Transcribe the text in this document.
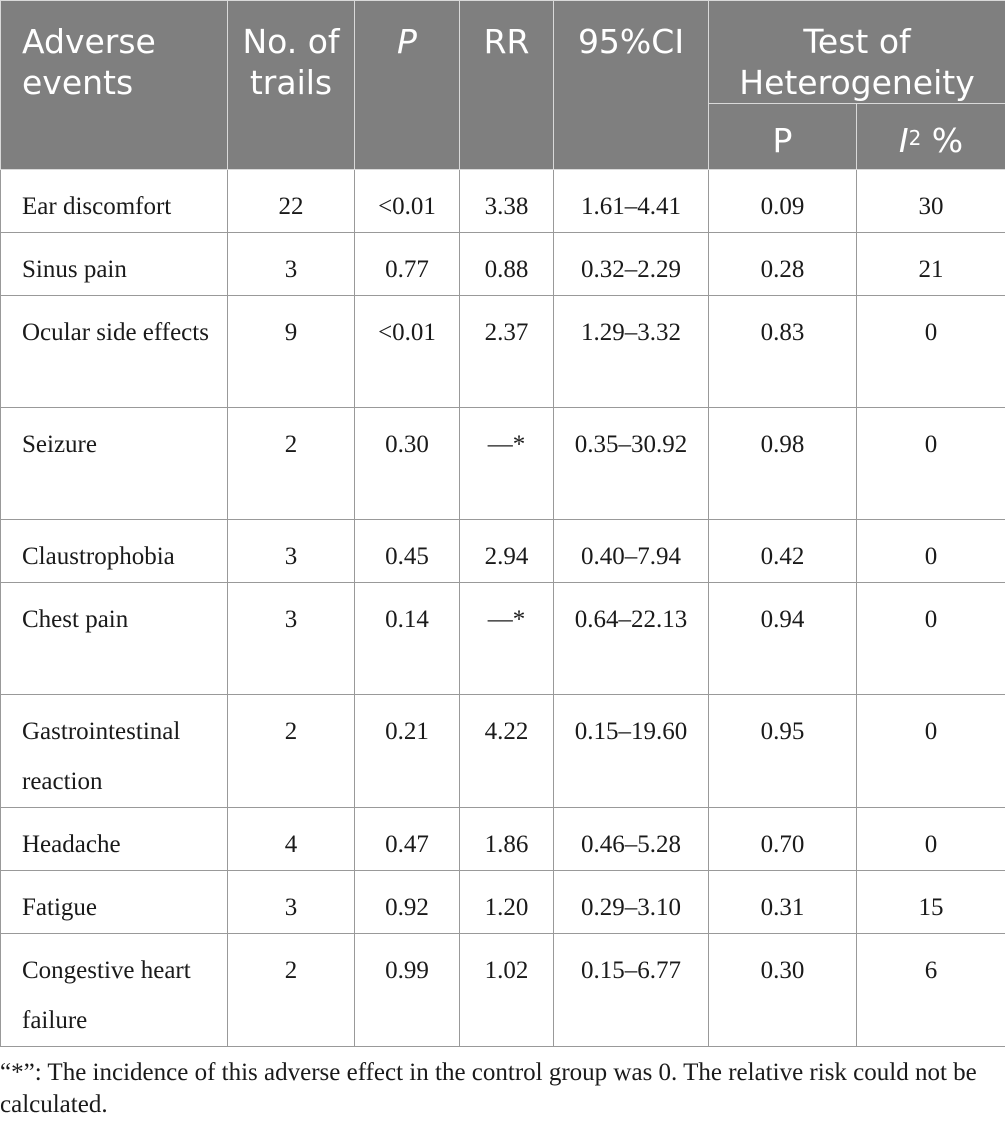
Adverse events	No. of trails	P	RR	95%CI	Test of Heterogeneity	
					P	$I^2$ %
Ear discomfort	22	<0.01	3.38	1.61–4.41	0.09	30
Sinus pain	3	0.77	0.88	0.32–2.29	0.28	21
Ocular side effects	9	<0.01	2.37	1.29–3.32	0.83	0
Seizure	2	0.30	—*	0.35–30.92	0.98	0
Claustrophobia	3	0.45	2.94	0.40–7.94	0.42	0
Chest pain	3	0.14	—*	0.64–22.13	0.94	0
Gastrointestinal reaction	2	0.21	4.22	0.15–19.60	0.95	0
Headache	4	0.47	1.86	0.46–5.28	0.70	0
Fatigue	3	0.92	1.20	0.29–3.10	0.31	15
Congestive heart failure	2	0.99	1.02	0.15–6.77	0.30	6
“*”: The incidence of this adverse effect in the control group was 0. The relative risk could not be calculated.
